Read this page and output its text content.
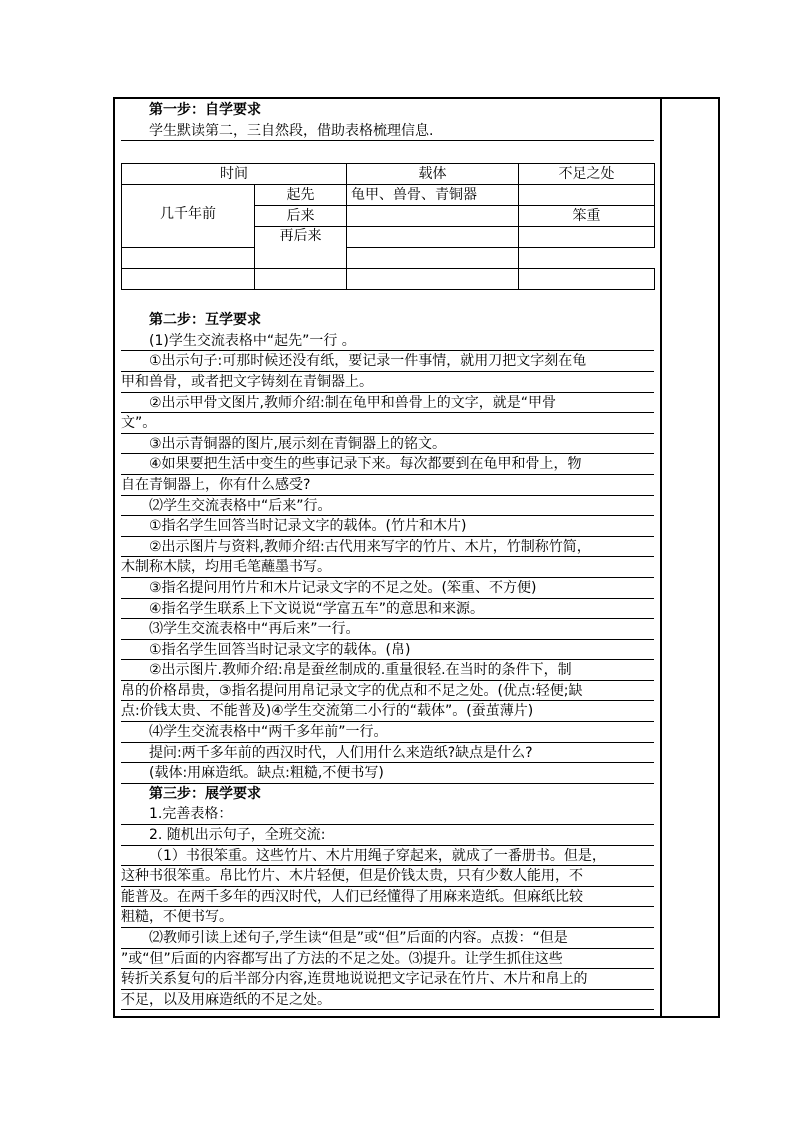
第一步：自学要求
学生默读第二，三自然段，借助表格梳理信息.
时间		载体	不足之处
几千年前	起先	龟甲、兽骨、青铜器	
	后来		笨重
	再后来		

第二步：互学要求
(1)学生交流表格中“起先”一行 。
①出示句子:可那时候还没有纸，要记录一件事情，就用刀把文字刻在龟
甲和兽骨，或者把文字铸刻在青铜器上。
②出示甲骨文图片,教师介绍:制在龟甲和兽骨上的文字，就是“甲骨
文”。
③出示青铜器的图片,展示刻在青铜器上的铭文。
④如果要把生活中变生的些事记录下来。每次都要到在龟甲和骨上，物
自在青铜器上，你有什么感受?
⑵学生交流表格中“后来”行。
①指名学生回答当时记录文字的载体。(竹片和木片)
②出示图片与资料,教师介绍:古代用来写字的竹片、木片，竹制称竹简，
木制称木牍，均用毛笔蘸墨书写。
③指名提问用竹片和木片记录文字的不足之处。(笨重、不方便)
④指名学生联系上下文说说“学富五车”的意思和来源。
⑶学生交流表格中“再后来”一行。
①指名学生回答当时记录文字的载体。(帛)
②出示图片.教师介绍:帛是蚕丝制成的.重量很轻.在当时的条件下，制
帛的价格昂贵，③指名提问用帛记录文字的优点和不足之处。(优点:轻便;缺
点:价钱太贵、不能普及)④学生交流第二小行的“载体”。(蚕茧薄片)
⑷学生交流表格中“两千多年前”一行。
提问:两千多年前的西汉时代，人们用什么来造纸?缺点是什么?
(载体:用麻造纸。缺点:粗糙,不便书写)
第三步：展学要求
1.完善表格：
2. 随机出示句子，全班交流:
（1）书很笨重。这些竹片、木片用绳子穿起来，就成了一番册书。但是，
这种书很笨重。帛比竹片、木片轻便，但是价钱太贵，只有少数人能用，不
能普及。在两千多年的西汉时代，人们已经懂得了用麻来造纸。但麻纸比较
粗糙，不便书写。
⑵教师引读上述句子,学生读“但是”或“但”后面的内容。点拨：“但是
”或“但”后面的内容都写出了方法的不足之处。⑶提升。让学生抓住这些
转折关系复句的后半部分内容,连贯地说说把文字记录在竹片、木片和帛上的
不足，以及用麻造纸的不足之处。
